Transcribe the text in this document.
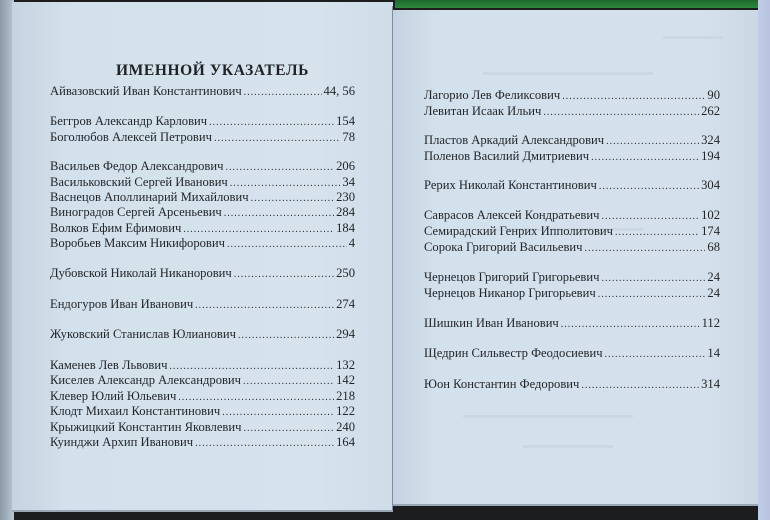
ИМЕННОЙ УКАЗАТЕЛЬ
Айвазовский Иван Константинович .....	44, 56
Беггров Александр Карлович .....	154
Боголюбов Алексей Петрович .....	78
Васильев Федор Александрович .....	206
Васильковский Сергей Иванович .....	34
Васнецов Аполлинарий Михайлович .....	230
Виноградов Сергей Арсеньевич .....	284
Волков Ефим Ефимович .....	184
Воробьев Максим Никифорович .....	4
Дубовской Николай Никанорович .....	250
Ендогуров Иван Иванович .....	274
Жуковский Станислав Юлианович .....	294
Каменев Лев Львович .....	132
Киселев Александр Александрович .....	142
Клевер Юлий Юльевич .....	218
Клодт Михаил Константинович .....	122
Крыжицкий Константин Яковлевич .....	240
Куинджи Архип Иванович .....	164
Лагорио Лев Феликсович .....	90
Левитан Исаак Ильич .....	262
Пластов Аркадий Александрович .....	324
Поленов Василий Дмитриевич .....	194
Рерих Николай Константинович .....	304
Саврасов Алексей Кондратьевич .....	102
Семирадский Генрих Ипполитович .....	174
Сорока Григорий Васильевич .....	68
Чернецов Григорий Григорьевич .....	24
Чернецов Никанор Григорьевич .....	24
Шишкин Иван Иванович .....	112
Щедрин Сильвестр Феодосиевич .....	14
Юон Константин Федорович .....	314
